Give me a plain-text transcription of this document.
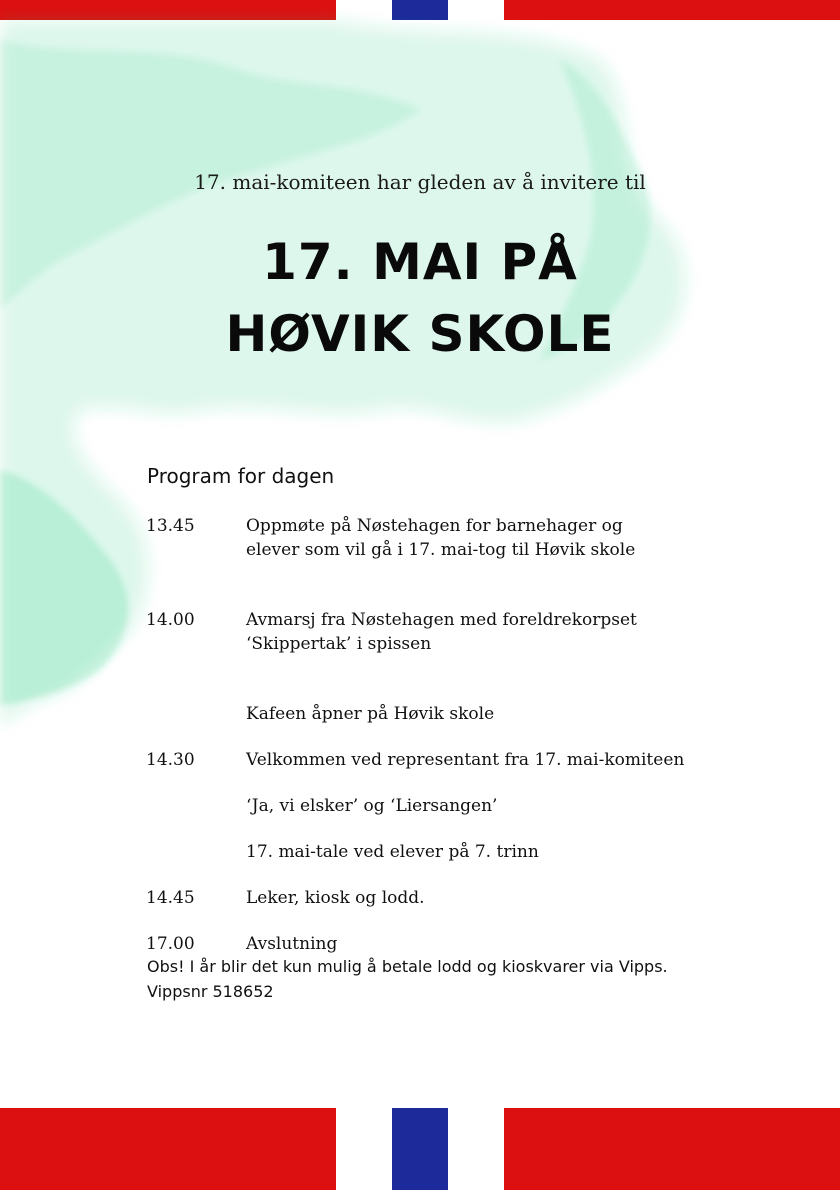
17. mai-komiteen har gleden av å invitere til
17. MAI PÅ
HØVIK SKOLE
Program for dagen
13.45	Oppmøte på Nøstehagen for barnehager og
elever som vil gå i 17. mai-tog til Høvik skole
14.00	Avmarsj fra Nøstehagen med foreldrekorpset
‘Skippertak’ i spissen
Kafeen åpner på Høvik skole
14.30	Velkommen ved representant fra 17. mai-komiteen
‘Ja, vi elsker’ og ‘Liersangen’
17. mai-tale ved elever på 7. trinn
14.45	Leker, kiosk og lodd.
17.00	Avslutning
Obs! I år blir det kun mulig å betale lodd og kioskvarer via Vipps.
Vippsnr 518652
